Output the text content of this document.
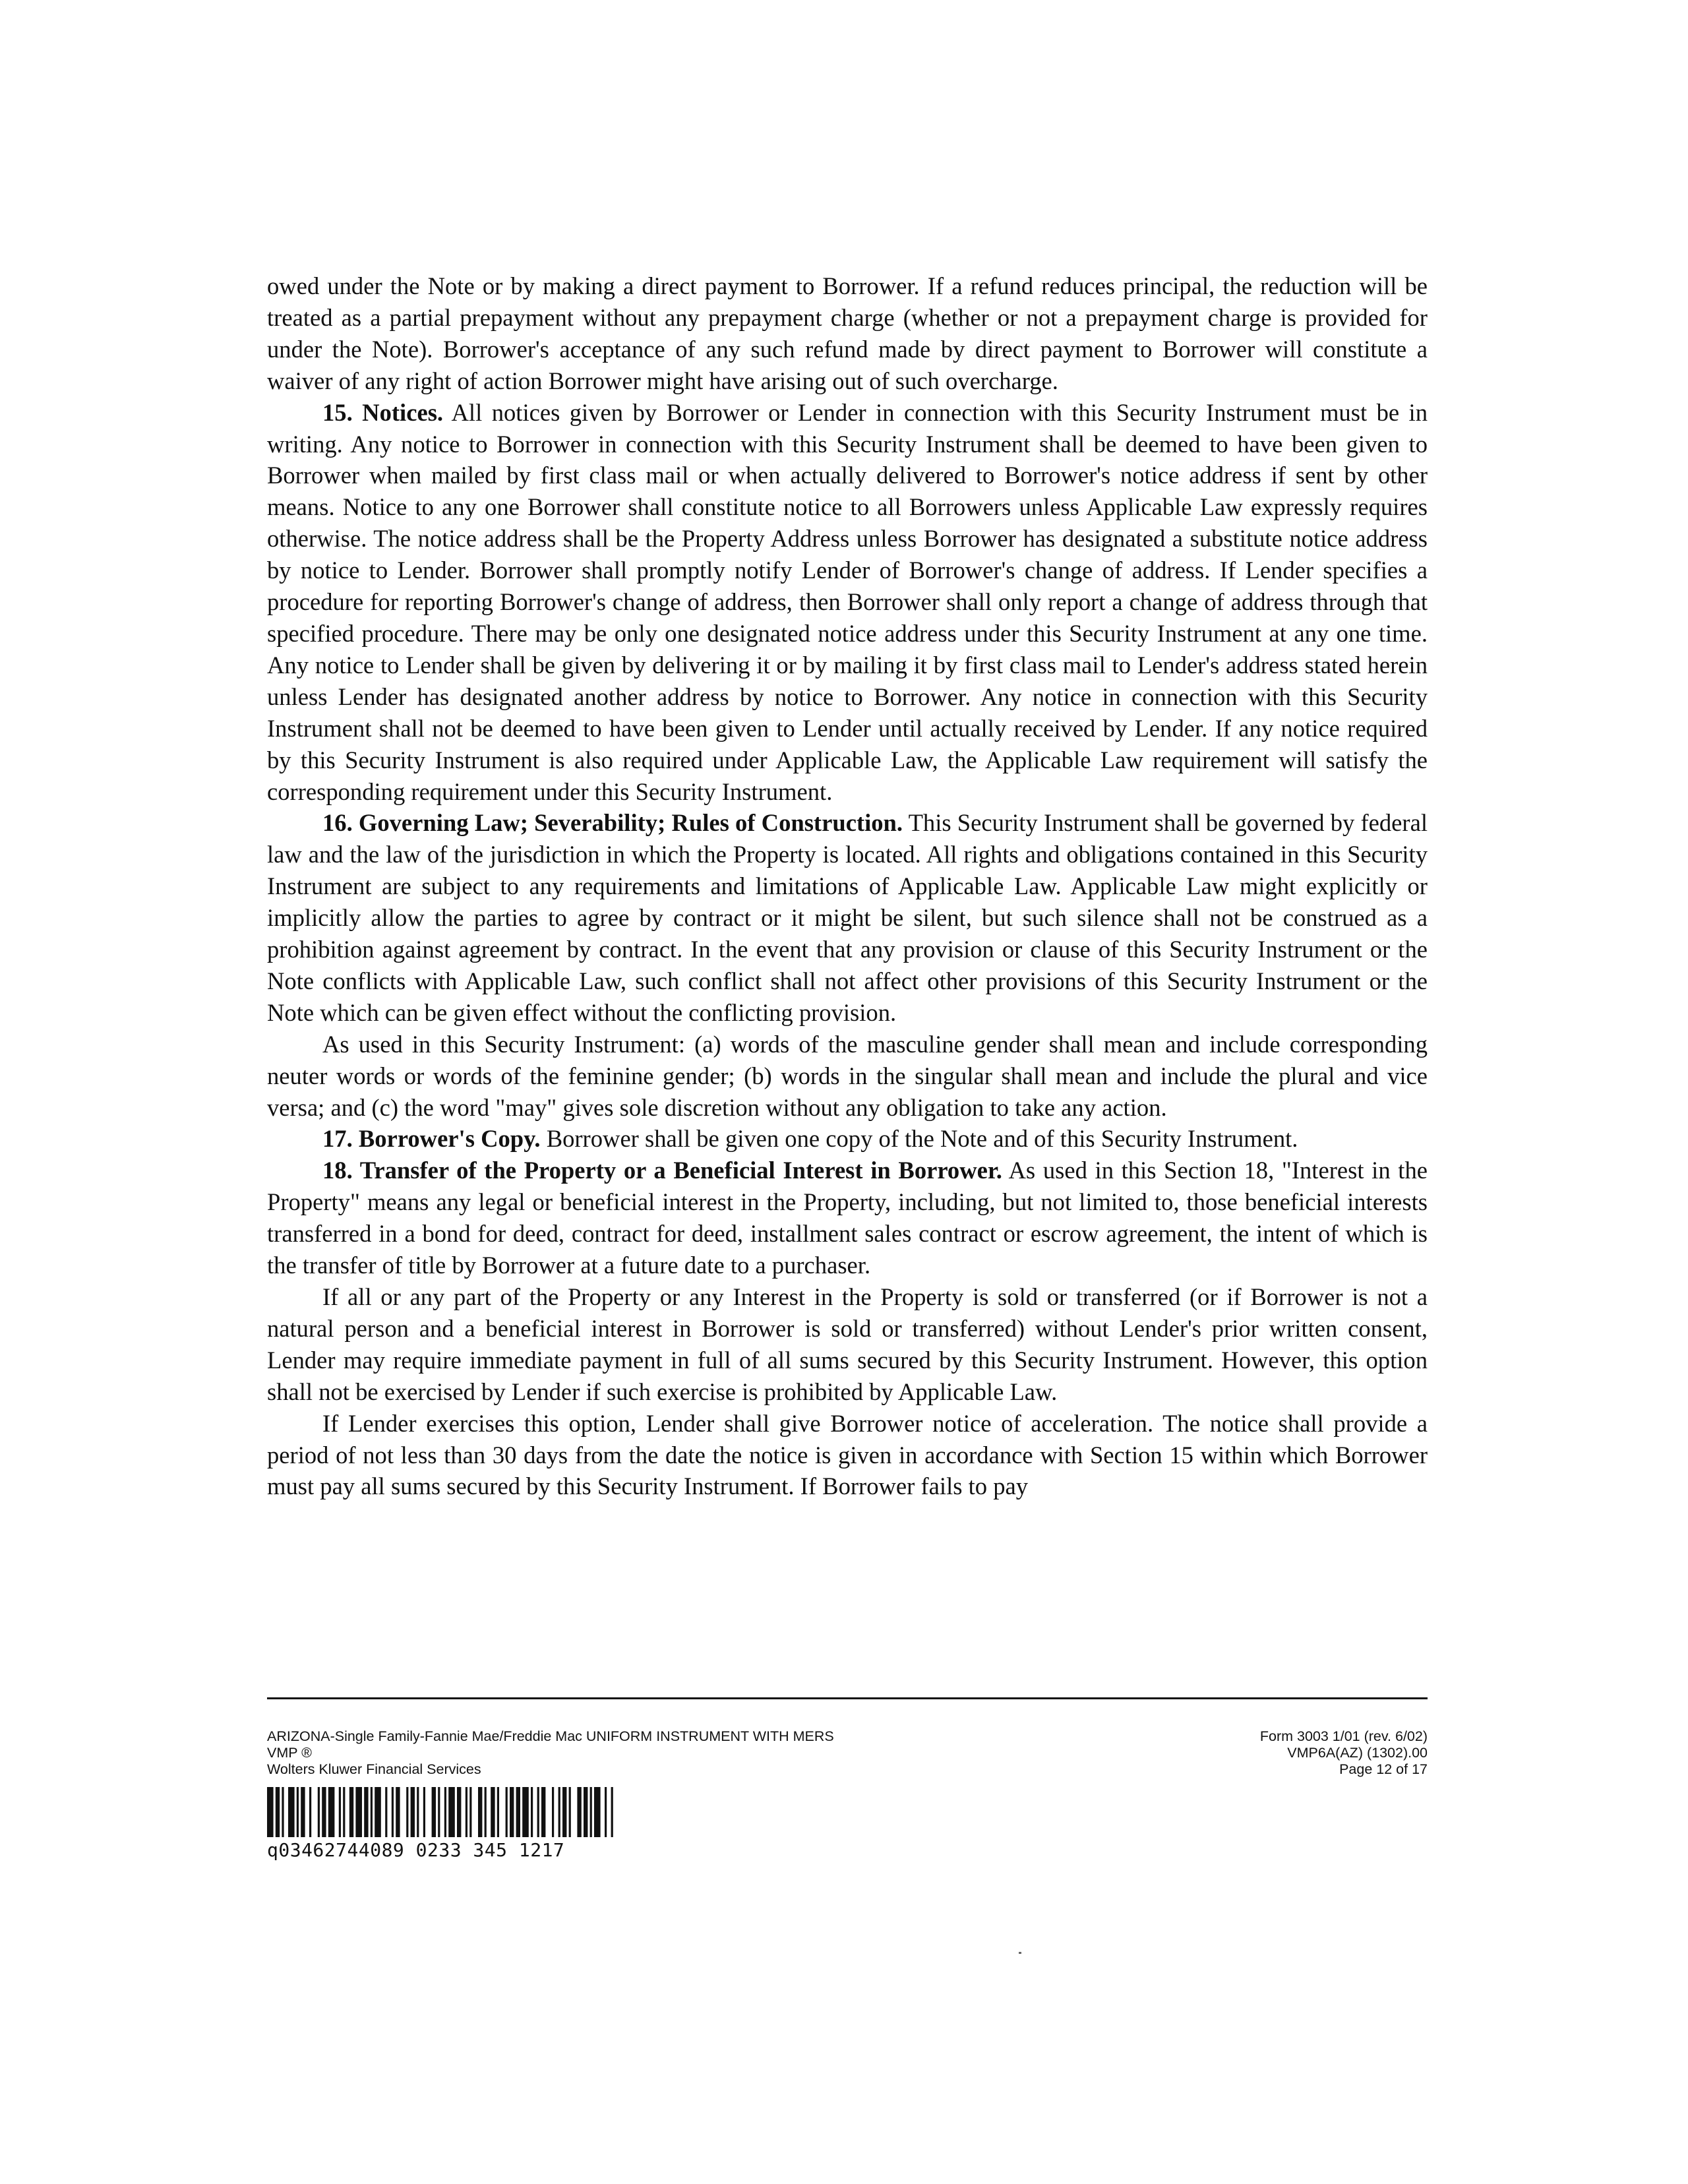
owed under the Note or by making a direct payment to Borrower. If a refund reduces principal, the reduction will be treated as a partial prepayment without any prepayment charge (whether or not a prepayment charge is provided for under the Note). Borrower's acceptance of any such refund made by direct payment to Borrower will constitute a waiver of any right of action Borrower might have arising out of such overcharge.

15. Notices. All notices given by Borrower or Lender in connection with this Security Instrument must be in writing. Any notice to Borrower in connection with this Security Instrument shall be deemed to have been given to Borrower when mailed by first class mail or when actually delivered to Borrower's notice address if sent by other means. Notice to any one Borrower shall constitute notice to all Borrowers unless Applicable Law expressly requires otherwise. The notice address shall be the Property Address unless Borrower has designated a substitute notice address by notice to Lender. Borrower shall promptly notify Lender of Borrower's change of address. If Lender specifies a procedure for reporting Borrower's change of address, then Borrower shall only report a change of address through that specified procedure. There may be only one designated notice address under this Security Instrument at any one time. Any notice to Lender shall be given by delivering it or by mailing it by first class mail to Lender's address stated herein unless Lender has designated another address by notice to Borrower. Any notice in connection with this Security Instrument shall not be deemed to have been given to Lender until actually received by Lender. If any notice required by this Security Instrument is also required under Applicable Law, the Applicable Law requirement will satisfy the corresponding requirement under this Security Instrument.

16. Governing Law; Severability; Rules of Construction. This Security Instrument shall be governed by federal law and the law of the jurisdiction in which the Property is located. All rights and obligations contained in this Security Instrument are subject to any requirements and limitations of Applicable Law. Applicable Law might explicitly or implicitly allow the parties to agree by contract or it might be silent, but such silence shall not be construed as a prohibition against agreement by contract. In the event that any provision or clause of this Security Instrument or the Note conflicts with Applicable Law, such conflict shall not affect other provisions of this Security Instrument or the Note which can be given effect without the conflicting provision.

As used in this Security Instrument: (a) words of the masculine gender shall mean and include corresponding neuter words or words of the feminine gender; (b) words in the singular shall mean and include the plural and vice versa; and (c) the word "may" gives sole discretion without any obligation to take any action.

17. Borrower's Copy. Borrower shall be given one copy of the Note and of this Security Instrument.

18. Transfer of the Property or a Beneficial Interest in Borrower. As used in this Section 18, "Interest in the Property" means any legal or beneficial interest in the Property, including, but not limited to, those beneficial interests transferred in a bond for deed, contract for deed, installment sales contract or escrow agreement, the intent of which is the transfer of title by Borrower at a future date to a purchaser.

If all or any part of the Property or any Interest in the Property is sold or transferred (or if Borrower is not a natural person and a beneficial interest in Borrower is sold or transferred) without Lender's prior written consent, Lender may require immediate payment in full of all sums secured by this Security Instrument. However, this option shall not be exercised by Lender if such exercise is prohibited by Applicable Law.

If Lender exercises this option, Lender shall give Borrower notice of acceleration. The notice shall provide a period of not less than 30 days from the date the notice is given in accordance with Section 15 within which Borrower must pay all sums secured by this Security Instrument. If Borrower fails to pay

ARIZONA-Single Family-Fannie Mae/Freddie Mac UNIFORM INSTRUMENT WITH MERS
VMP ®
Wolters Kluwer Financial Services
Form 3003 1/01 (rev. 6/02)
VMP6A(AZ) (1302).00
Page 12 of 17
q03462744089 0233 345 1217
